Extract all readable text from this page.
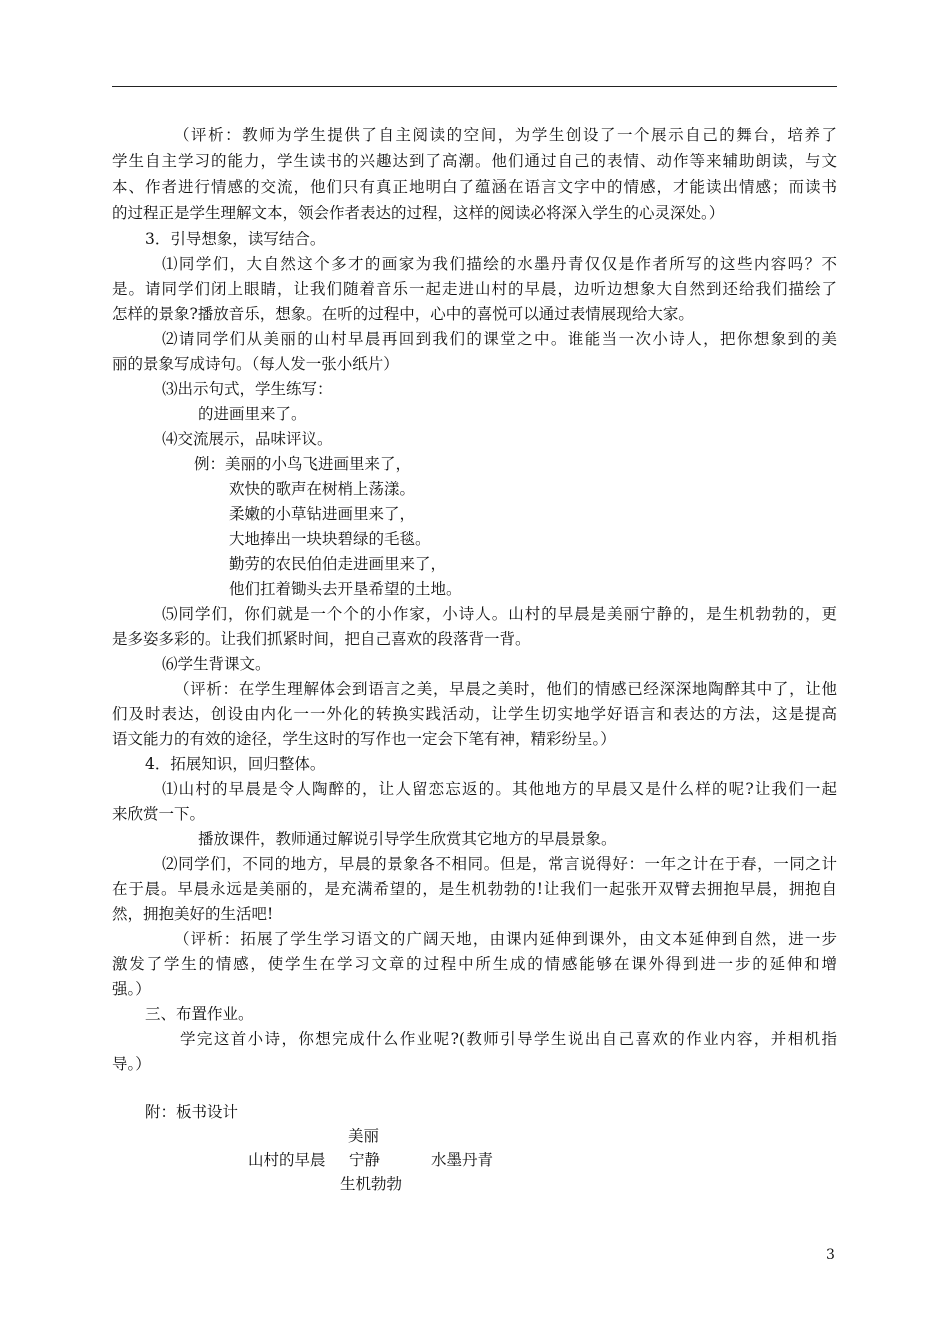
（评析：教师为学生提供了自主阅读的空间，为学生创设了一个展示自己的舞台，培养了
学生自主学习的能力，学生读书的兴趣达到了高潮。他们通过自己的表情、动作等来辅助朗读，与文
本、作者进行情感的交流，他们只有真正地明白了蕴涵在语言文字中的情感，才能读出情感；而读书
的过程正是学生理解文本，领会作者表达的过程，这样的阅读必将深入学生的心灵深处。）
3．引导想象，读写结合。
⑴同学们，大自然这个多才的画家为我们描绘的水墨丹青仅仅是作者所写的这些内容吗？不
是。请同学们闭上眼睛，让我们随着音乐一起走进山村的早晨，边听边想象大自然到还给我们描绘了
怎样的景象?播放音乐，想象。在听的过程中，心中的喜悦可以通过表情展现给大家。
⑵请同学们从美丽的山村早晨再回到我们的课堂之中。谁能当一次小诗人，把你想象到的美
丽的景象写成诗句。（每人发一张小纸片）
⑶出示句式，学生练写：
的进画里来了。
⑷交流展示，品味评议。
例：美丽的小鸟飞进画里来了，
欢快的歌声在树梢上荡漾。
柔嫩的小草钻进画里来了，
大地捧出一块块碧绿的毛毯。
勤劳的农民伯伯走进画里来了，
他们扛着锄头去开垦希望的土地。
⑸同学们，你们就是一个个的小作家，小诗人。山村的早晨是美丽宁静的，是生机勃勃的，更
是多姿多彩的。让我们抓紧时间，把自己喜欢的段落背一背。
⑹学生背课文。
（评析：在学生理解体会到语言之美，早晨之美时，他们的情感已经深深地陶醉其中了，让他
们及时表达，创设由内化一一外化的转换实践活动，让学生切实地学好语言和表达的方法，这是提高
语文能力的有效的途径，学生这时的写作也一定会下笔有神，精彩纷呈。）
4．拓展知识，回归整体。
⑴山村的早晨是令人陶醉的，让人留恋忘返的。其他地方的早晨又是什么样的呢?让我们一起
来欣赏一下。
播放课件，教师通过解说引导学生欣赏其它地方的早晨景象。
⑵同学们，不同的地方，早晨的景象各不相同。但是，常言说得好：一年之计在于春，一同之计
在于晨。早晨永远是美丽的，是充满希望的，是生机勃勃的!让我们一起张开双臂去拥抱早晨，拥抱自
然，拥抱美好的生活吧!
（评析：拓展了学生学习语文的广阔天地，由课内延伸到课外，由文本延伸到自然，进一步
激发了学生的情感，使学生在学习文章的过程中所生成的情感能够在课外得到进一步的延伸和增
强。）
三、布置作业。
学完这首小诗，你想完成什么作业呢?(教师引导学生说出自己喜欢的作业内容，并相机指
导。）
附：板书设计
美丽
山村的早晨 宁静	水墨丹青
生机勃勃
3
